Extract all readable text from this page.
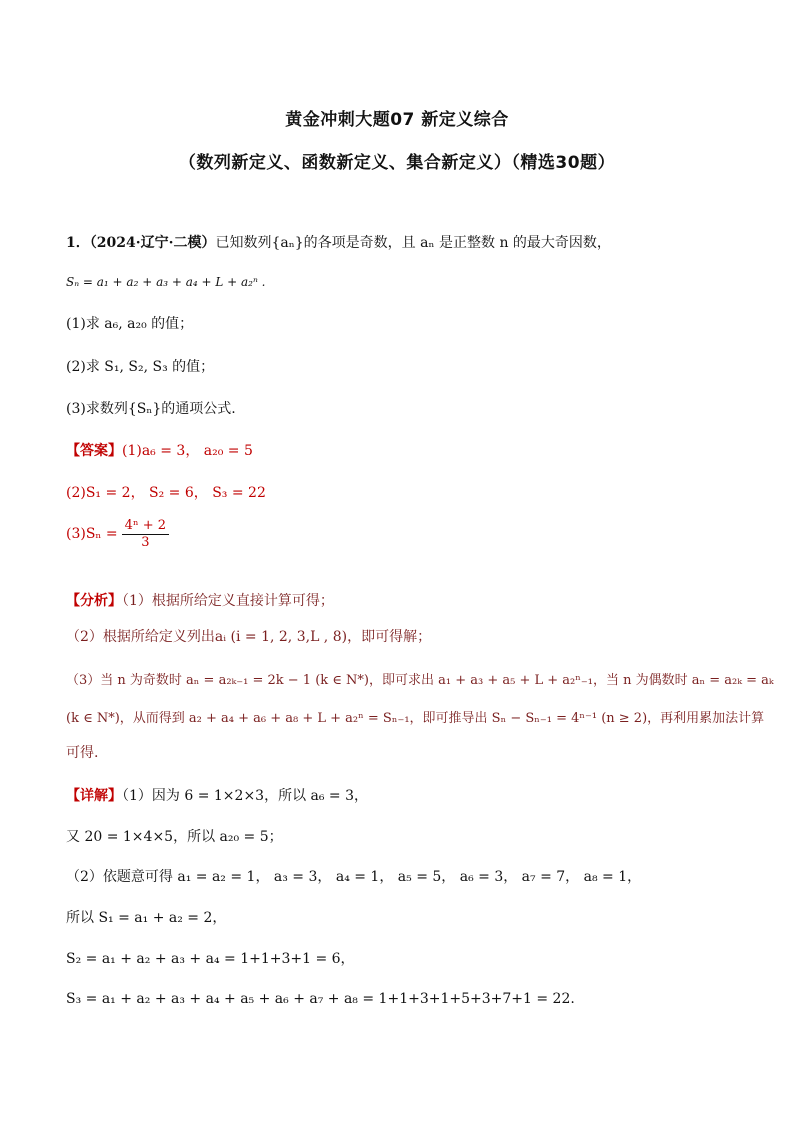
黄金冲刺大题07 新定义综合
（数列新定义、函数新定义、集合新定义）（精选30题）
1．（2024·辽宁·二模）已知数列{aₙ}的各项是奇数，且 aₙ 是正整数 n 的最大奇因数，
Sₙ = a₁ + a₂ + a₃ + a₄ + L + a₂ⁿ .
(1)求 a₆, a₂₀ 的值；
(2)求 S₁, S₂, S₃ 的值；
(3)求数列{Sₙ}的通项公式.
【答案】(1)a₆ = 3， a₂₀ = 5
(2)S₁ = 2， S₂ = 6， S₃ = 22
$(3)S_n = \frac{\text{4ⁿ + 2}}{3}$
【分析】（1）根据所给定义直接计算可得；
（2）根据所给定义列出aᵢ (i = 1, 2, 3,L , 8)，即可得解；
（3）当 n 为奇数时 aₙ = a₂ₖ₋₁ = 2k − 1 (k ∈ N*)，即可求出 a₁ + a₃ + a₅ + L + a₂ⁿ₋₁，当 n 为偶数时 aₙ = a₂ₖ = aₖ
(k ∈ N*)，从而得到 a₂ + a₄ + a₆ + a₈ + L + a₂ⁿ = Sₙ₋₁，即可推导出 Sₙ − Sₙ₋₁ = 4ⁿ⁻¹ (n ≥ 2)，再利用累加法计算
可得.
【详解】（1）因为 6 = 1×2×3，所以 a₆ = 3，
又 20 = 1×4×5，所以 a₂₀ = 5；
（2）依题意可得 a₁ = a₂ = 1， a₃ = 3， a₄ = 1， a₅ = 5， a₆ = 3， a₇ = 7， a₈ = 1，
所以 S₁ = a₁ + a₂ = 2，
S₂ = a₁ + a₂ + a₃ + a₄ = 1+1+3+1 = 6，
S₃ = a₁ + a₂ + a₃ + a₄ + a₅ + a₆ + a₇ + a₈ = 1+1+3+1+5+3+7+1 = 22.
